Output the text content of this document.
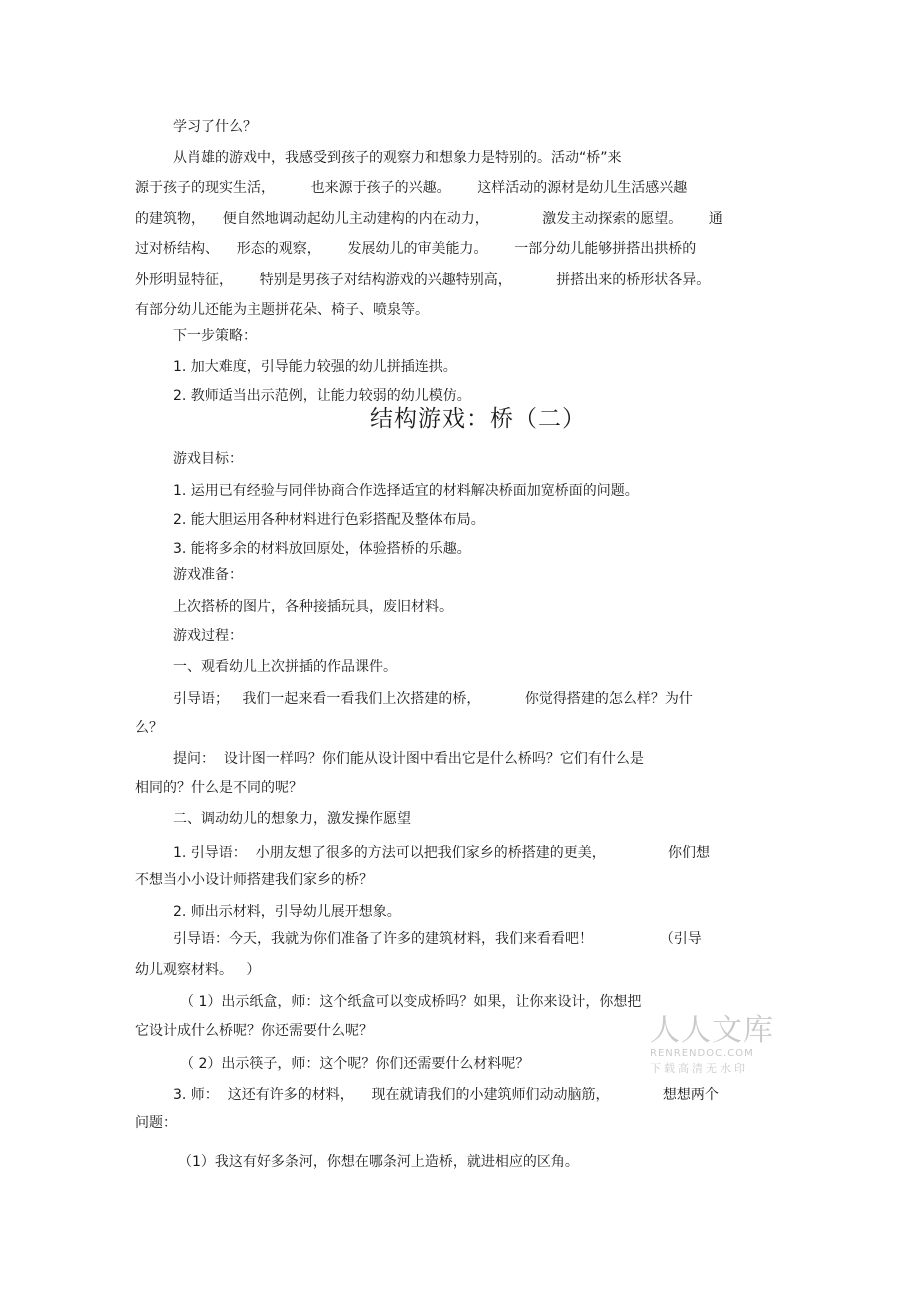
学习了什么？
从肖雄的游戏中，我感受到孩子的观察力和想象力是特别的。活动“桥”来
源于孩子的现实生活，        也来源于孩子的兴趣。      这样活动的源材是幼儿生活感兴趣
的建筑物，    便自然地调动起幼儿主动建构的内在动力，            激发主动探索的愿望。      通
过对桥结构、    形态的观察，      发展幼儿的审美能力。      一部分幼儿能够拼搭出拱桥的
外形明显特征，      特别是男孩子对结构游戏的兴趣特别高，          拼搭出来的桥形状各异。
有部分幼儿还能为主题拼花朵、椅子、喷泉等。
下一步策略：
1. 加大难度，引导能力较强的幼儿拼插连拱。
2. 教师适当出示范例，让能力较弱的幼儿模仿。
结构游戏：桥（二）
游戏目标：
1. 运用已有经验与同伴协商合作选择适宜的材料解决桥面加宽桥面的问题。
2. 能大胆运用各种材料进行色彩搭配及整体布局。
3. 能将多余的材料放回原处，体验搭桥的乐趣。
游戏准备：
上次搭桥的图片，各种接插玩具，废旧材料。
游戏过程：
一、观看幼儿上次拼插的作品课件。
引导语；   我们一起来看一看我们上次搭建的桥，          你觉得搭建的怎么样？为什
么？
提问：  设计图一样吗？你们能从设计图中看出它是什么桥吗？它们有什么是
相同的？什么是不同的呢？
二、调动幼儿的想象力，激发操作愿望
1. 引导语：  小朋友想了很多的方法可以把我们家乡的桥搭建的更美，              你们想
不想当小小设计师搭建我们家乡的桥？
2. 师出示材料，引导幼儿展开想象。
引导语：今天，我就为你们准备了许多的建筑材料，我们来看看吧！               （引导
幼儿观察材料。   ）
（ 1）出示纸盒，师：这个纸盒可以变成桥吗？如果，让你来设计，你想把
它设计成什么桥呢？你还需要什么呢？
（ 2）出示筷子，师：这个呢？你们还需要什么材料呢？
3. 师：  这还有许多的材料，    现在就请我们的小建筑师们动动脑筋，            想想两个
问题：
（1）我这有好多条河，你想在哪条河上造桥，就进相应的区角。
人人文库
RENRENDOC.COM
下载高清无水印
